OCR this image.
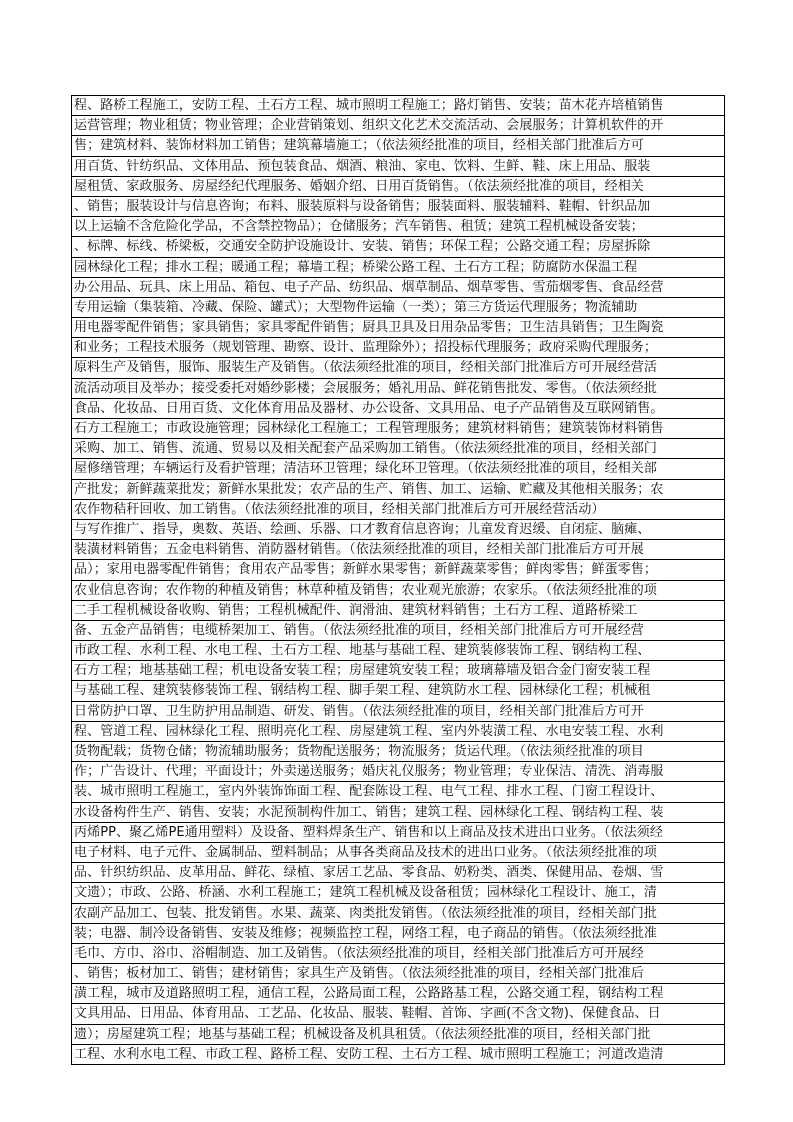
程、路桥工程施工，安防工程、土石方工程、城市照明工程施工；路灯销售、安装；苗木花卉培植销售
运营管理；物业租赁；物业管理；企业营销策划、组织文化艺术交流活动、会展服务；计算机软件的开
售；建筑材料、装饰材料加工销售；建筑幕墙施工；（依法须经批准的项目，经相关部门批准后方可
用百货、针纺织品、文体用品、预包装食品、烟酒、粮油、家电、饮料、生鲜、鞋、床上用品、服装
屋租赁、家政服务、房屋经纪代理服务、婚姻介绍、日用百货销售。（依法须经批准的项目，经相关
、销售；服装设计与信息咨询；布料、服装原料与设备销售；服装面料、服装辅料、鞋帽、针织品加
以上运输不含危险化学品，不含禁控物品）；仓储服务；汽车销售、租赁；建筑工程机械设备安装；
、标牌、标线、桥梁板，交通安全防护设施设计、安装、销售；环保工程；公路交通工程；房屋拆除
园林绿化工程；排水工程；暖通工程；幕墙工程；桥梁公路工程、土石方工程；防腐防水保温工程
办公用品、玩具、床上用品、箱包、电子产品、纺织品、烟草制品、烟草零售、雪茄烟零售、食品经营
专用运输（集装箱、冷藏、保险、罐式）；大型物件运输（一类）；第三方货运代理服务；物流辅助
用电器零配件销售；家具销售；家具零配件销售；厨具卫具及日用杂品零售；卫生洁具销售；卫生陶瓷
和业务；工程技术服务（规划管理、勘察、设计、监理除外）；招投标代理服务；政府采购代理服务；
原料生产及销售，服饰、服装生产及销售。（依法须经批准的项目，经相关部门批准后方可开展经营活
流活动项目及举办；接受委托对婚纱影楼；会展服务；婚礼用品、鲜花销售批发、零售。（依法须经批
食品、化妆品、日用百货、文化体育用品及器材、办公设备、文具用品、电子产品销售及互联网销售。
石方工程施工；市政设施管理；园林绿化工程施工；工程管理服务；建筑材料销售；建筑装饰材料销售
采购、加工、销售、流通、贸易以及相关配套产品采购加工销售。（依法须经批准的项目，经相关部门
屋修缮管理；车辆运行及看护管理；清洁环卫管理；绿化环卫管理。（依法须经批准的项目，经相关部
产批发；新鲜蔬菜批发；新鲜水果批发；农产品的生产、销售、加工、运输、贮藏及其他相关服务；农
农作物秸秆回收、加工销售。（依法须经批准的项目，经相关部门批准后方可开展经营活动）
与写作推广、指导，奥数、英语、绘画、乐器、口才教育信息咨询；儿童发育迟缓、自闭症、脑瘫、
装潢材料销售；五金电料销售、消防器材销售。（依法须经批准的项目，经相关部门批准后方可开展
品）；家用电器零配件销售；食用农产品零售；新鲜水果零售；新鲜蔬菜零售；鲜肉零售；鲜蛋零售；
农业信息咨询；农作物的种植及销售；林草种植及销售；农业观光旅游；农家乐。（依法须经批准的项
二手工程机械设备收购、销售；工程机械配件、润滑油、建筑材料销售；土石方工程、道路桥梁工
备、五金产品销售；电缆桥架加工、销售。（依法须经批准的项目，经相关部门批准后方可开展经营
市政工程、水利工程、水电工程、土石方工程、地基与基础工程、建筑装修装饰工程、钢结构工程、
石方工程；地基基础工程；机电设备安装工程；房屋建筑安装工程；玻璃幕墙及铝合金门窗安装工程
与基础工程、建筑装修装饰工程、钢结构工程、脚手架工程、建筑防水工程、园林绿化工程；机械租
日常防护口罩、卫生防护用品制造、研发、销售。（依法须经批准的项目，经相关部门批准后方可开
程、管道工程、园林绿化工程、照明亮化工程、房屋建筑工程、室内外装潢工程、水电安装工程、水利
货物配载；货物仓储；物流辅助服务；货物配送服务；物流服务；货运代理。（依法须经批准的项目
作；广告设计、代理；平面设计；外卖递送服务；婚庆礼仪服务；物业管理；专业保洁、清洗、消毒服
装、城市照明工程施工，室内外装饰饰面工程、配套陈设工程、电气工程、排水工程、门窗工程设计、
水设备构件生产、销售、安装；水泥预制构件加工、销售；建筑工程、园林绿化工程、钢结构工程、装
丙烯PP、聚乙烯PE通用塑料）及设备、塑料焊条生产、销售和以上商品及技术进出口业务。（依法须经
电子材料、电子元件、金属制品、塑料制品；从事各类商品及技术的进出口业务。（依法须经批准的项
品、针织纺织品、皮革用品、鲜花、绿植、家居工艺品、零食品、奶粉类、酒类、保健用品、卷烟、雪
文遗）；市政、公路、桥涵、水利工程施工；建筑工程机械及设备租赁；园林绿化工程设计、施工，清
农副产品加工、包装、批发销售。水果、蔬菜、肉类批发销售。（依法须经批准的项目，经相关部门批
装；电器、制冷设备销售、安装及维修；视频监控工程，网络工程，电子商品的销售。（依法须经批准
毛巾、方巾、浴巾、浴帽制造、加工及销售。（依法须经批准的项目，经相关部门批准后方可开展经
、销售；板材加工、销售；建材销售；家具生产及销售。（依法须经批准的项目，经相关部门批准后
潢工程，城市及道路照明工程，通信工程，公路局面工程，公路路基工程，公路交通工程，钢结构工程
文具用品、日用品、体育用品、工艺品、化妆品、服装、鞋帽、首饰、字画(不含文物)、保健食品、日
遗）；房屋建筑工程；地基与基础工程；机械设备及机具租赁。（依法须经批准的项目，经相关部门批
工程、水利水电工程、市政工程、路桥工程、安防工程、土石方工程、城市照明工程施工；河道改造清
